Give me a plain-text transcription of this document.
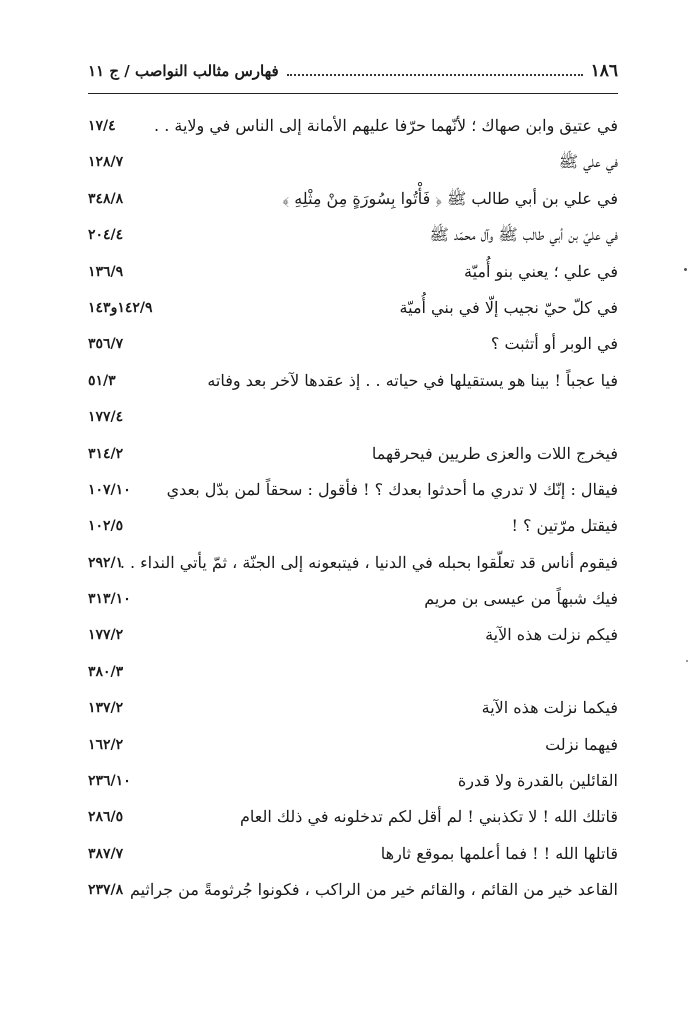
١٨٦
فهارس مثالب النواصب / ج ١١
في عتيق وابن صهاك ؛ لأنّهما حرّفا عليهم الأمانة إلى الناس في ولاية . .
١٧/٤
في علي ﷺ
١٢٨/٧
في علي بن أبي طالب ﷺ ﴿ فَأْتُوا بِسُورَةٍ مِنْ مِثْلِهِ ﴾
٣٤٨/٨
في عليّ بن أبي طالب ﷺ وآل محمّد ﷺ
٢٠٤/٤
في علي ؛ يعني بنو أُميّة
١٣٦/٩
في كلّ حيّ نجيب إلّا في بني أُميّة
١٤٢/٩و١٤٣
في الوبر أو أتثبت ؟
٣٥٦/٧
فيا عجباً ! بينا هو يستقيلها في حياته . . إذ عقدها لآخر بعد وفاته
٥١/٣
١٧٧/٤
فيخرج اللات والعزى طريين فيحرقهما
٣١٤/٢
فيقال : إنّك لا تدري ما أحدثوا بعدك ؟ ! فأقول : سحقاً لمن بدّل بعدي
١٠٧/١٠
فيقتل مرّتين ؟ !
١٠٢/٥
فيقوم أناس قد تعلّقوا بحبله في الدنيا ، فيتبعونه إلى الجنّة ، ثمّ يأتي النداء . .
٢٩٢/١
فيك شبهاً من عيسى بن مريم
٣١٣/١٠
فيكم نزلت هذه الآية
١٧٧/٢
٣٨٠/٣
فيكما نزلت هذه الآية
١٣٧/٢
فيهما نزلت
١٦٢/٢
القائلين بالقدرة ولا قدرة
٢٣٦/١٠
قاتلك الله ! لا تكذبني ! لم أقل لكم تدخلونه في ذلك العام
٢٨٦/٥
قاتلها الله ! ! فما أعلمها بموقع ثارها
٣٨٧/٧
القاعد خير من القائم ، والقائم خير من الراكب ، فكونوا جُرثومةً من جراثيم
٢٣٧/٨
